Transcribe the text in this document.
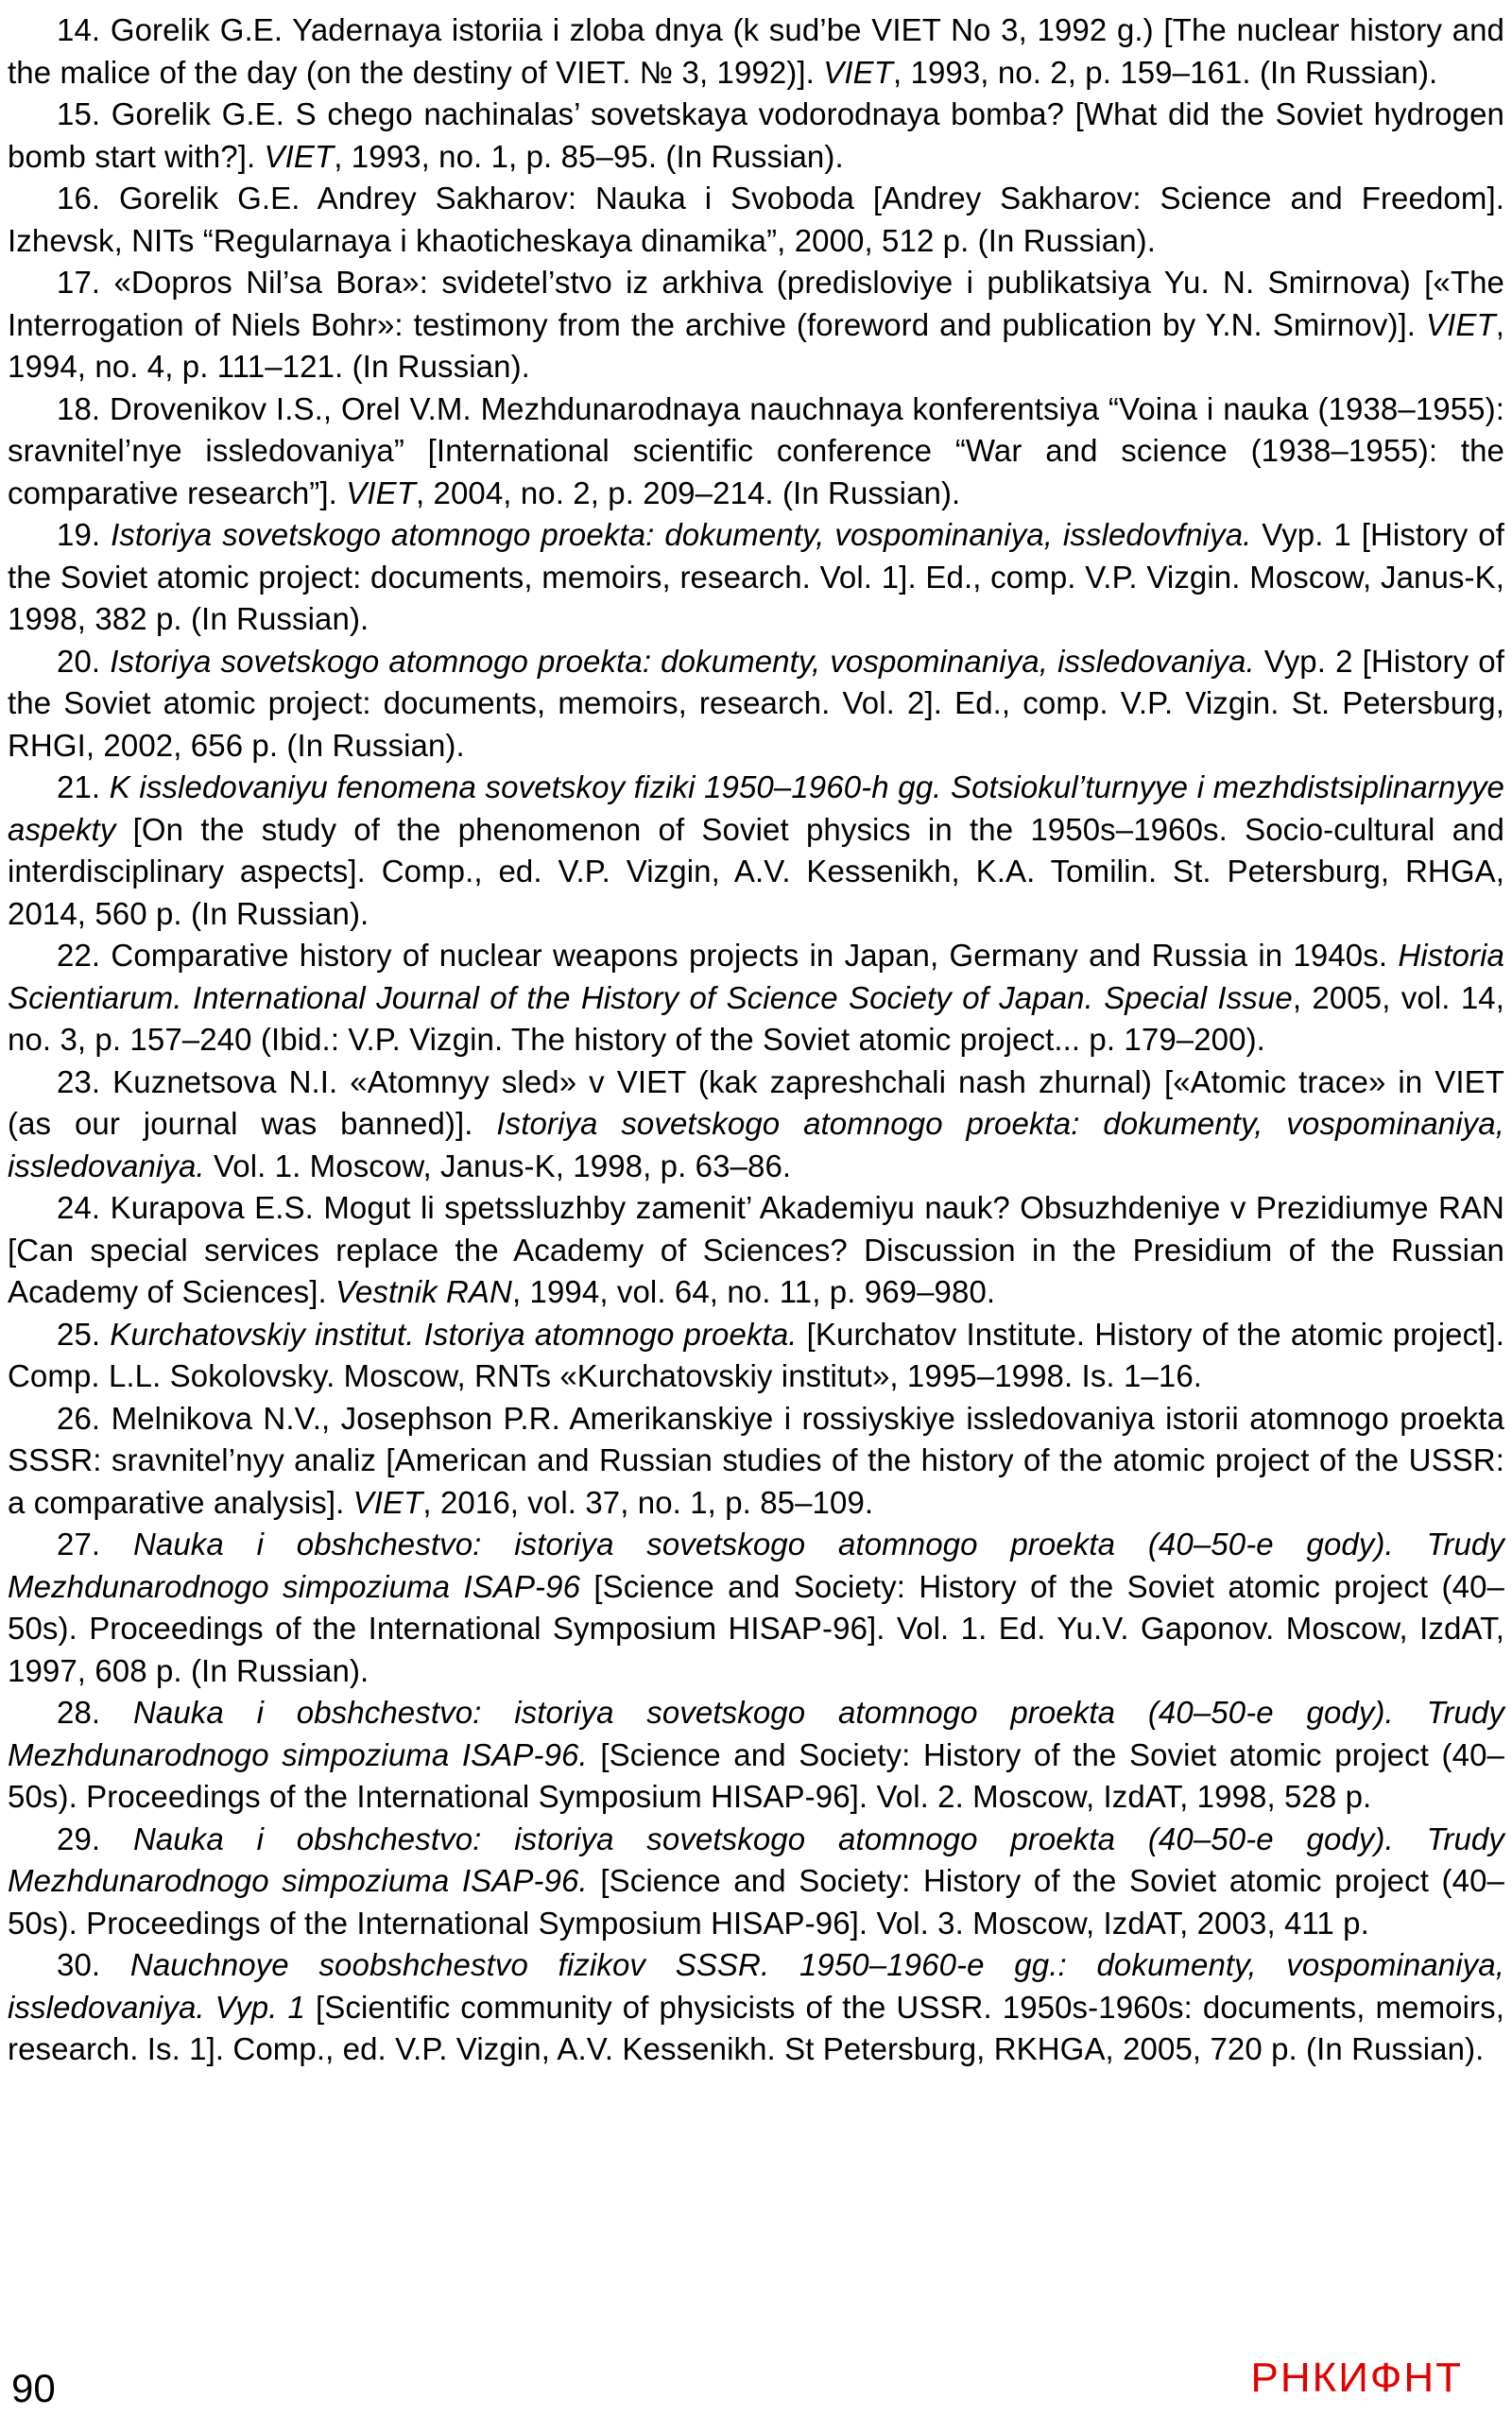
14. Gorelik G.E. Yadernaya istoriia i zloba dnya (k sud’be VIET No 3, 1992 g.) [The nuclear history and the malice of the day (on the destiny of VIET. № 3, 1992)]. VIET, 1993, no. 2, p. 159–161. (In Russian).

15. Gorelik G.E. S chego nachinalas’ sovetskaya vodorodnaya bomba? [What did the Soviet hydrogen bomb start with?]. VIET, 1993, no. 1, p. 85–95. (In Russian).

16. Gorelik G.E. Andrey Sakharov: Nauka i Svoboda [Andrey Sakharov: Science and Freedom]. Izhevsk, NITs “Regularnaya i khaoticheskaya dinamika”, 2000, 512 p. (In Russian).

17. «Dopros Nil’sa Bora»: svidetel’stvo iz arkhiva (predisloviye i publikatsiya Yu. N. Smirnova) [«The Interrogation of Niels Bohr»: testimony from the archive (foreword and publication by Y.N. Smirnov)]. VIET, 1994, no. 4, p. 111–121. (In Russian).

18. Drovenikov I.S., Orel V.M. Mezhdunarodnaya nauchnaya konferentsiya “Voina i nauka (1938–1955): sravnitel’nye issledovaniya” [International scientific conference “War and science (1938–1955): the comparative research”]. VIET, 2004, no. 2, p. 209–214. (In Russian).

19. Istoriya sovetskogo atomnogo proekta: dokumenty, vospominaniya, issledovfniya. Vyp. 1 [History of the Soviet atomic project: documents, memoirs, research. Vol. 1]. Ed., comp. V.P. Vizgin. Moscow, Janus-K, 1998, 382 p. (In Russian).

20. Istoriya sovetskogo atomnogo proekta: dokumenty, vospominaniya, issledovaniya. Vyp. 2 [History of the Soviet atomic project: documents, memoirs, research. Vol. 2]. Ed., comp. V.P. Vizgin. St. Petersburg, RHGI, 2002, 656 p. (In Russian).

21. K issledovaniyu fenomena sovetskoy fiziki 1950–1960-h gg. Sotsiokul’turnyye i mezhdistsiplinarnyye aspekty [On the study of the phenomenon of Soviet physics in the 1950s–1960s. Socio-cultural and interdisciplinary aspects]. Comp., ed. V.P. Vizgin, A.V. Kessenikh, K.A. Tomilin. St. Petersburg, RHGA, 2014, 560 p. (In Russian).

22. Comparative history of nuclear weapons projects in Japan, Germany and Russia in 1940s. Historia Scientiarum. International Journal of the History of Science Society of Japan. Special Issue, 2005, vol. 14, no. 3, p. 157–240 (Ibid.: V.P. Vizgin. The history of the Soviet atomic project... p. 179–200).

23. Kuznetsova N.I. «Atomnyy sled» v VIET (kak zapreshchali nash zhurnal) [«Atomic trace» in VIET (as our journal was banned)]. Istoriya sovetskogo atomnogo proekta: dokumenty, vospominaniya, issledovaniya. Vol. 1. Moscow, Janus-K, 1998, p. 63–86.

24. Kurapova E.S. Mogut li spetssluzhby zamenit’ Akademiyu nauk? Obsuzhdeniye v Prezidiumye RAN [Can special services replace the Academy of Sciences? Discussion in the Presidium of the Russian Academy of Sciences]. Vestnik RAN, 1994, vol. 64, no. 11, p. 969–980.

25. Kurchatovskiy institut. Istoriya atomnogo proekta. [Kurchatov Institute. History of the atomic project]. Comp. L.L. Sokolovsky. Moscow, RNTs «Kurchatovskiy institut», 1995–1998. Is. 1–16.

26. Melnikova N.V., Josephson P.R. Amerikanskiye i rossiyskiye issledovaniya istorii atomnogo proekta SSSR: sravnitel’nyy analiz [American and Russian studies of the history of the atomic project of the USSR: a comparative analysis]. VIET, 2016, vol. 37, no. 1, p. 85–109.

27. Nauka i obshchestvo: istoriya sovetskogo atomnogo proekta (40–50-e gody). Trudy Mezhdunarodnogo simpoziuma ISAP-96 [Science and Society: History of the Soviet atomic project (40–50s). Proceedings of the International Symposium HISAP-96]. Vol. 1. Ed. Yu.V. Gaponov. Moscow, IzdAT, 1997, 608 p. (In Russian).

28. Nauka i obshchestvo: istoriya sovetskogo atomnogo proekta (40–50-e gody). Trudy Mezhdunarodnogo simpoziuma ISAP-96. [Science and Society: History of the Soviet atomic project (40–50s). Proceedings of the International Symposium HISAP-96]. Vol. 2. Moscow, IzdAT, 1998, 528 p.

29. Nauka i obshchestvo: istoriya sovetskogo atomnogo proekta (40–50-e gody). Trudy Mezhdunarodnogo simpoziuma ISAP-96. [Science and Society: History of the Soviet atomic project (40–50s). Proceedings of the International Symposium HISAP-96]. Vol. 3. Moscow, IzdAT, 2003, 411 p.

30. Nauchnoye soobshchestvo fizikov SSSR. 1950–1960-e gg.: dokumenty, vospominaniya, issledovaniya. Vyp. 1 [Scientific community of physicists of the USSR. 1950s-1960s: documents, memoirs, research. Is. 1]. Comp., ed. V.P. Vizgin, A.V. Kessenikh. St Petersburg, RKHGA, 2005, 720 p. (In Russian).

90	РНКИФНТ
